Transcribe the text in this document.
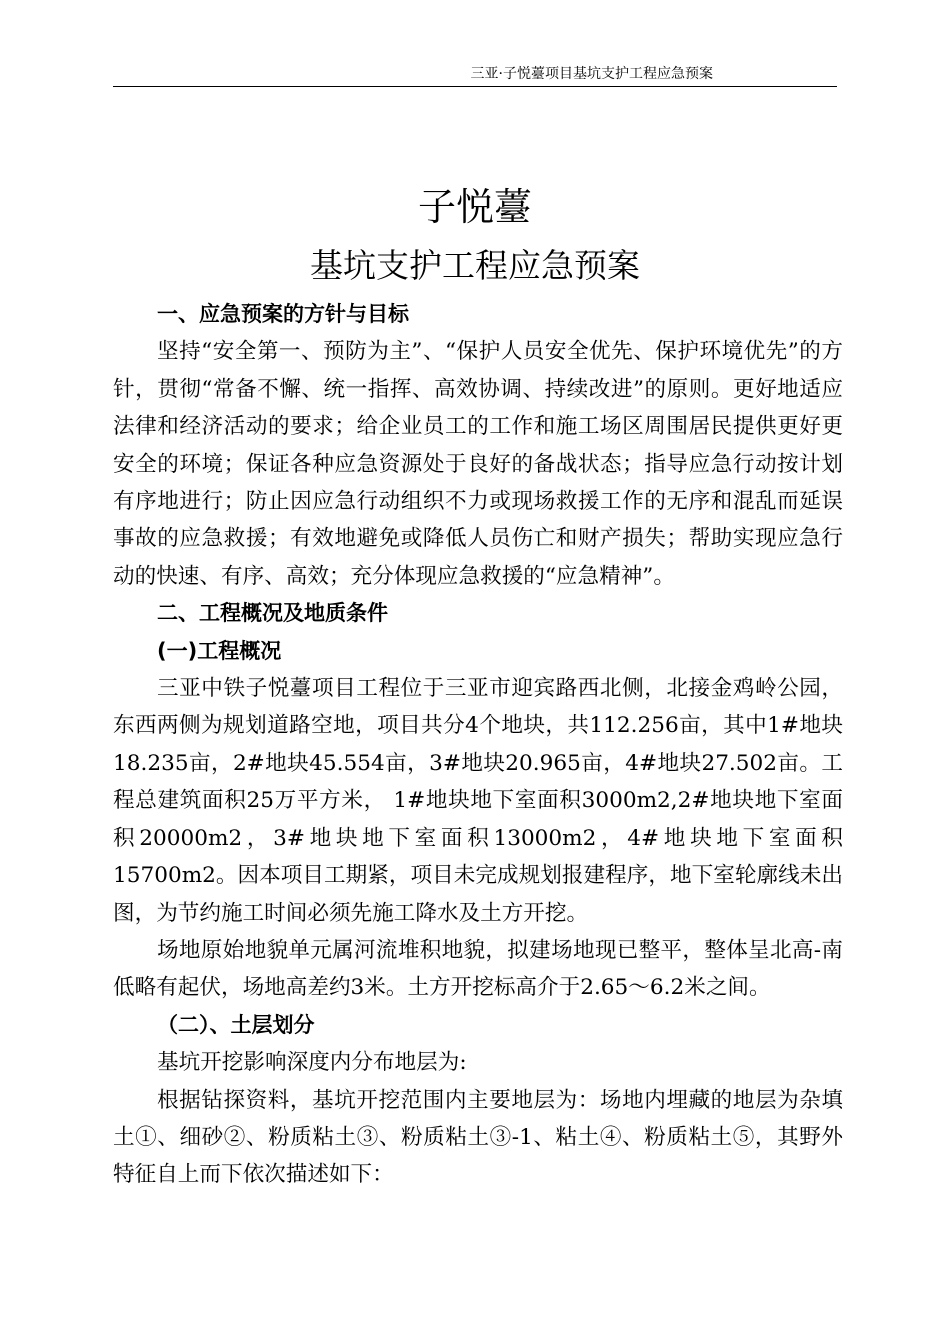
三亚·子悦薹项目基坑支护工程应急预案
子悦薹
基坑支护工程应急预案
一、应急预案的方针与目标
坚持“安全第一、预防为主”、“保护人员安全优先、保护环境优先”的方针，贯彻“常备不懈、统一指挥、高效协调、持续改进”的原则。更好地适应法律和经济活动的要求；给企业员工的工作和施工场区周围居民提供更好更安全的环境；保证各种应急资源处于良好的备战状态；指导应急行动按计划有序地进行；防止因应急行动组织不力或现场救援工作的无序和混乱而延误事故的应急救援；有效地避免或降低人员伤亡和财产损失；帮助实现应急行动的快速、有序、高效；充分体现应急救援的“应急精神”。
二、工程概况及地质条件
(一)工程概况
三亚中铁子悦薹项目工程位于三亚市迎宾路西北侧，北接金鸡岭公园，东西两侧为规划道路空地，项目共分4个地块，共112.256亩，其中1#地块18.235亩，2#地块45.554亩，3#地块20.965亩，4#地块27.502亩。工程总建筑面积25万平方米， 1#地块地下室面积3000m2,2#地块地下室面积20000m2，3#地块地下室面积13000m2，4#地块地下室面积15700m2。因本项目工期紧，项目未完成规划报建程序，地下室轮廓线未出图，为节约施工时间必须先施工降水及土方开挖。
场地原始地貌单元属河流堆积地貌，拟建场地现已整平，整体呈北高-南低略有起伏，场地高差约3米。土方开挖标高介于2.65～6.2米之间。
（二）、土层划分
基坑开挖影响深度内分布地层为:
根据钻探资料，基坑开挖范围内主要地层为：场地内埋藏的地层为杂填土①、细砂②、粉质粘土③、粉质粘土③-1、粘土④、粉质粘土⑤，其野外特征自上而下依次描述如下：
